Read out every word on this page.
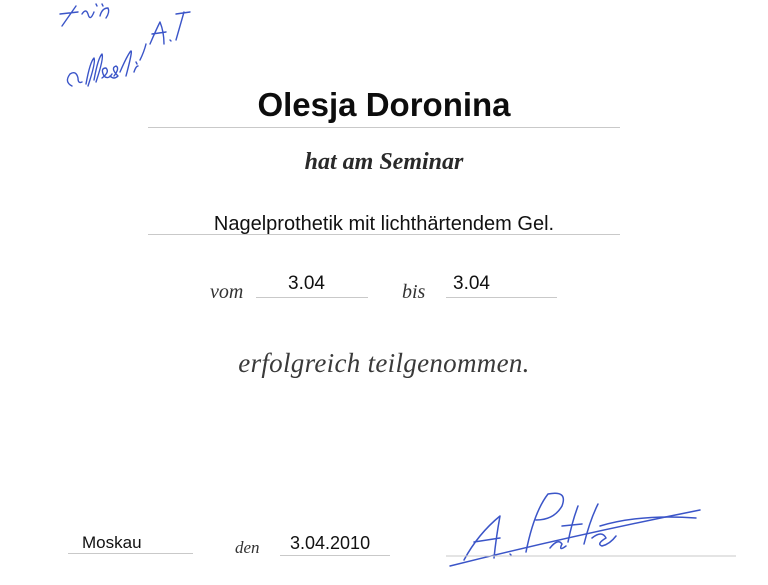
Olesja Doronina
hat am Seminar
Nagelprothetik mit lichthärtendem Gel.
vom 3.04	bis 3.04
erfolgreich teilgenommen.
Moskau	den 3.04.2010
